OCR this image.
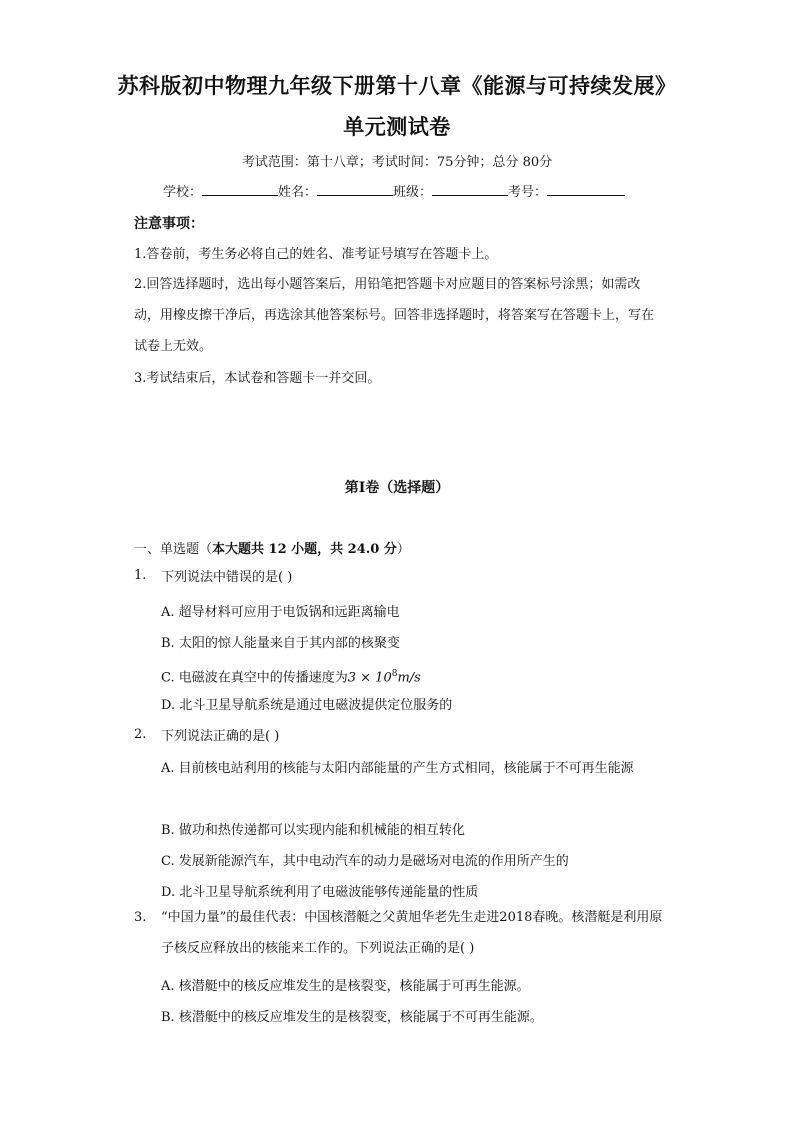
苏科版初中物理九年级下册第十八章《能源与可持续发展》
单元测试卷
考试范围：第十八章；考试时间：75分钟；总分 80分
学校：	姓名：	班级：	考号：
注意事项：
1.答卷前，考生务必将自己的姓名、准考证号填写在答题卡上。
2.回答选择题时，选出每小题答案后，用铅笔把答题卡对应题目的答案标号涂黑；如需改动，用橡皮擦干净后，再选涂其他答案标号。回答非选择题时，将答案写在答题卡上，写在试卷上无效。
3.考试结束后，本试卷和答题卡一并交回。
第Ⅰ卷（选择题）
一、单选题（本大题共 12 小题，共 24.0 分）
1. 下列说法中错误的是( )
A. 超导材料可应用于电饭锅和远距离输电
B. 太阳的惊人能量来自于其内部的核聚变
C. 电磁波在真空中的传播速度为$3 \times 10^8m/s$
D. 北斗卫星导航系统是通过电磁波提供定位服务的
2. 下列说法正确的是( )
A. 目前核电站利用的核能与太阳内部能量的产生方式相同，核能属于不可再生能源
B. 做功和热传递都可以实现内能和机械能的相互转化
C. 发展新能源汽车，其中电动汽车的动力是磁场对电流的作用所产生的
D. 北斗卫星导航系统利用了电磁波能够传递能量的性质
3. “中国力量”的最佳代表：中国核潜艇之父黄旭华老先生走进2018春晚。核潜艇是利用原子核反应释放出的核能来工作的。下列说法正确的是( )
A. 核潜艇中的核反应堆发生的是核裂变，核能属于可再生能源。
B. 核潜艇中的核反应堆发生的是核裂变，核能属于不可再生能源。
